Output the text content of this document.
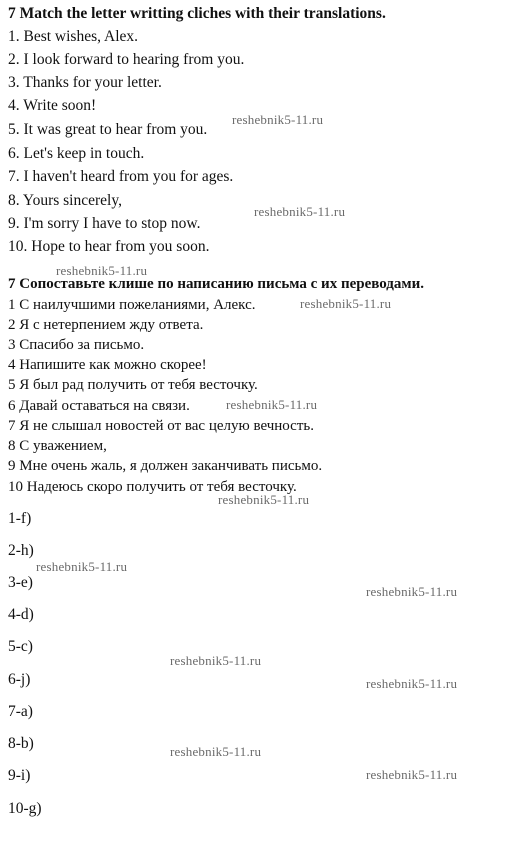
7 Match the letter writting cliches with their translations.
1. Best wishes, Alex.
2. I look forward to hearing from you.
3. Thanks for your letter.
4. Write soon!
5. It was great to hear from you.
6. Let's keep in touch.
7. I haven't heard from you for ages.
8. Yours sincerely,
9. I'm sorry I have to stop now.
10. Hope to hear from you soon.
7 Сопоставьте клише по написанию письма с их переводами.
1 С наилучшими пожеланиями, Алекс.
2 Я с нетерпением жду ответа.
3 Спасибо за письмо.
4 Напишите как можно скорее!
5 Я был рад получить от тебя весточку.
6 Давай оставаться на связи.
7 Я не слышал новостей от вас целую вечность.
8 С уважением,
9 Мне очень жаль, я должен заканчивать письмо.
10 Надеюсь скоро получить от тебя весточку.
1-f)
2-h)
3-e)
4-d)
5-c)
6-j)
7-a)
8-b)
9-i)
10-g)
reshebnik5-11.ru
reshebnik5-11.ru
reshebnik5-11.ru
reshebnik5-11.ru
reshebnik5-11.ru
reshebnik5-11.ru
reshebnik5-11.ru
reshebnik5-11.ru
reshebnik5-11.ru
reshebnik5-11.ru
reshebnik5-11.ru
reshebnik5-11.ru
